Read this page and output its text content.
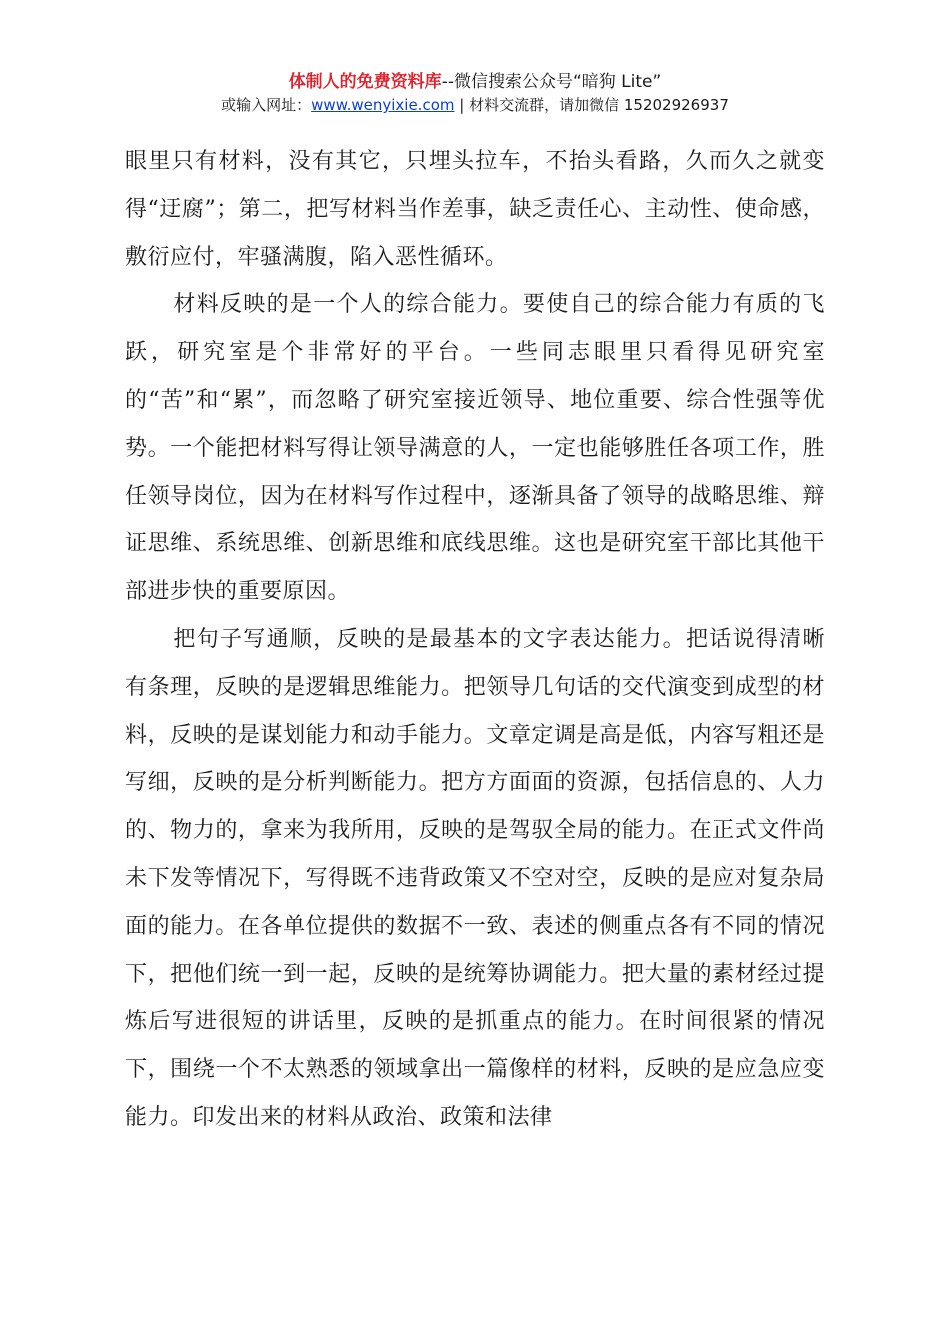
体制人的免费资料库--微信搜索公众号“暗狗 Lite”
或输入网址：www.wenyixie.com | 材料交流群，请加微信 15202926937

眼里只有材料，没有其它，只埋头拉车，不抬头看路，久而久之就变得“迂腐”；第二，把写材料当作差事，缺乏责任心、主动性、使命感，敷衍应付，牢骚满腹，陷入恶性循环。

材料反映的是一个人的综合能力。要使自己的综合能力有质的飞跃，研究室是个非常好的平台。一些同志眼里只看得见研究室的“苦”和“累”，而忽略了研究室接近领导、地位重要、综合性强等优势。一个能把材料写得让领导满意的人，一定也能够胜任各项工作，胜任领导岗位，因为在材料写作过程中，逐渐具备了领导的战略思维、辩证思维、系统思维、创新思维和底线思维。这也是研究室干部比其他干部进步快的重要原因。

把句子写通顺，反映的是最基本的文字表达能力。把话说得清晰有条理，反映的是逻辑思维能力。把领导几句话的交代演变到成型的材料，反映的是谋划能力和动手能力。文章定调是高是低，内容写粗还是写细，反映的是分析判断能力。把方方面面的资源，包括信息的、人力的、物力的，拿来为我所用，反映的是驾驭全局的能力。在正式文件尚未下发等情况下，写得既不违背政策又不空对空，反映的是应对复杂局面的能力。在各单位提供的数据不一致、表述的侧重点各有不同的情况下，把他们统一到一起，反映的是统筹协调能力。把大量的素材经过提炼后写进很短的讲话里，反映的是抓重点的能力。在时间很紧的情况下，围绕一个不太熟悉的领域拿出一篇像样的材料，反映的是应急应变能力。印发出来的材料从政治、政策和法律
